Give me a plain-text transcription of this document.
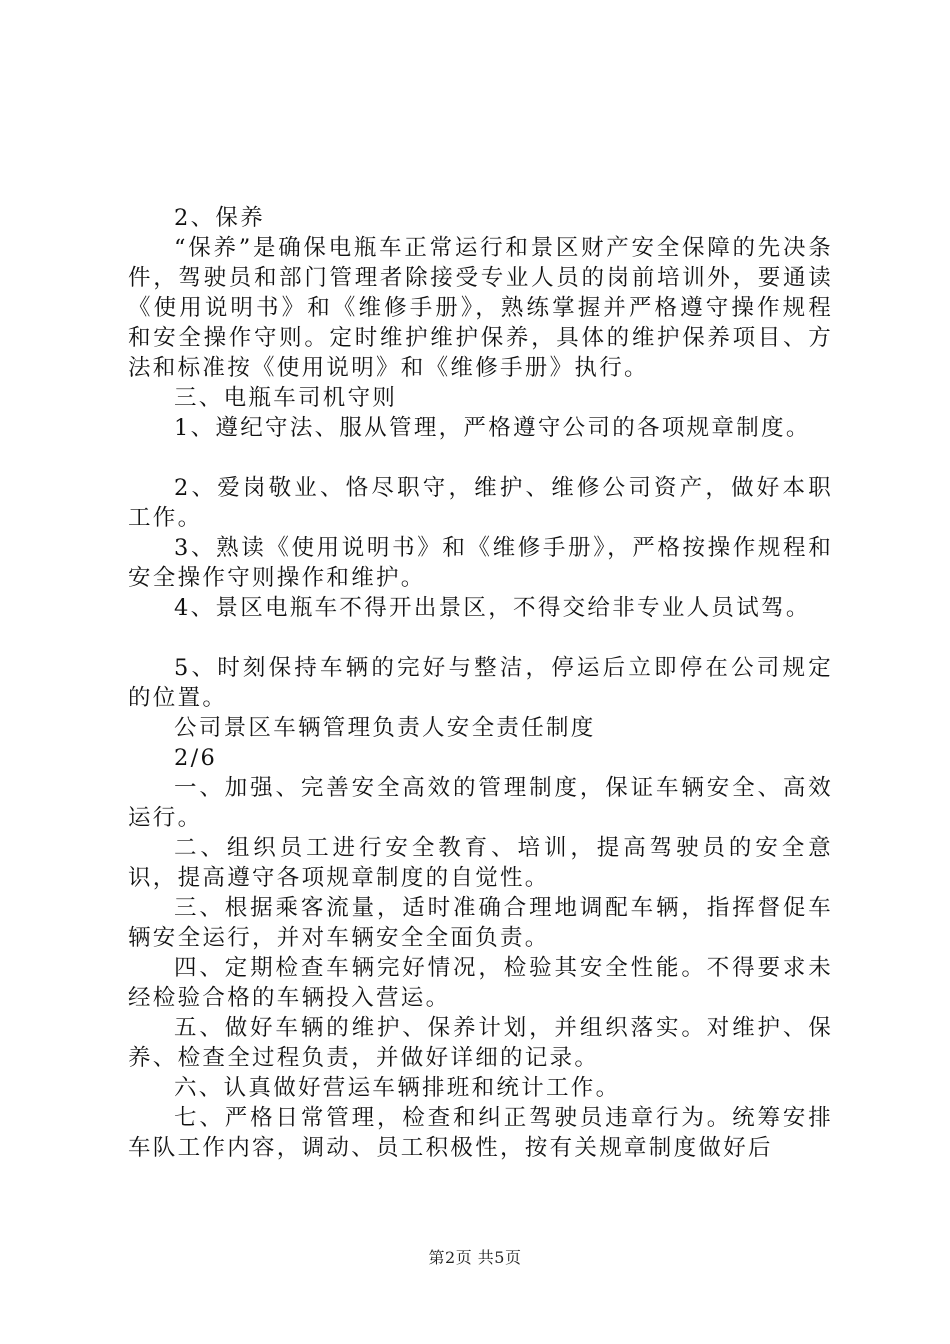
2、保养

“保养”是确保电瓶车正常运行和景区财产安全保障的先决条件，驾驶员和部门管理者除接受专业人员的岗前培训外，要通读《使用说明书》和《维修手册》，熟练掌握并严格遵守操作规程和安全操作守则。定时维护维护保养，具体的维护保养项目、方法和标准按《使用说明》和《维修手册》执行。

三、电瓶车司机守则

1、遵纪守法、服从管理，严格遵守公司的各项规章制度。

2、爱岗敬业、恪尽职守，维护、维修公司资产，做好本职工作。

3、熟读《使用说明书》和《维修手册》，严格按操作规程和安全操作守则操作和维护。

4、景区电瓶车不得开出景区，不得交给非专业人员试驾。

5、时刻保持车辆的完好与整洁，停运后立即停在公司规定的位置。

公司景区车辆管理负责人安全责任制度

2/6

一、加强、完善安全高效的管理制度，保证车辆安全、高效运行。

二、组织员工进行安全教育、培训，提高驾驶员的安全意识，提高遵守各项规章制度的自觉性。

三、根据乘客流量，适时准确合理地调配车辆，指挥督促车辆安全运行，并对车辆安全全面负责。

四、定期检查车辆完好情况，检验其安全性能。不得要求未经检验合格的车辆投入营运。

五、做好车辆的维护、保养计划，并组织落实。对维护、保养、检查全过程负责，并做好详细的记录。

六、认真做好营运车辆排班和统计工作。

七、严格日常管理，检查和纠正驾驶员违章行为。统筹安排车队工作内容，调动、员工积极性，按有关规章制度做好后

第2页 共5页
